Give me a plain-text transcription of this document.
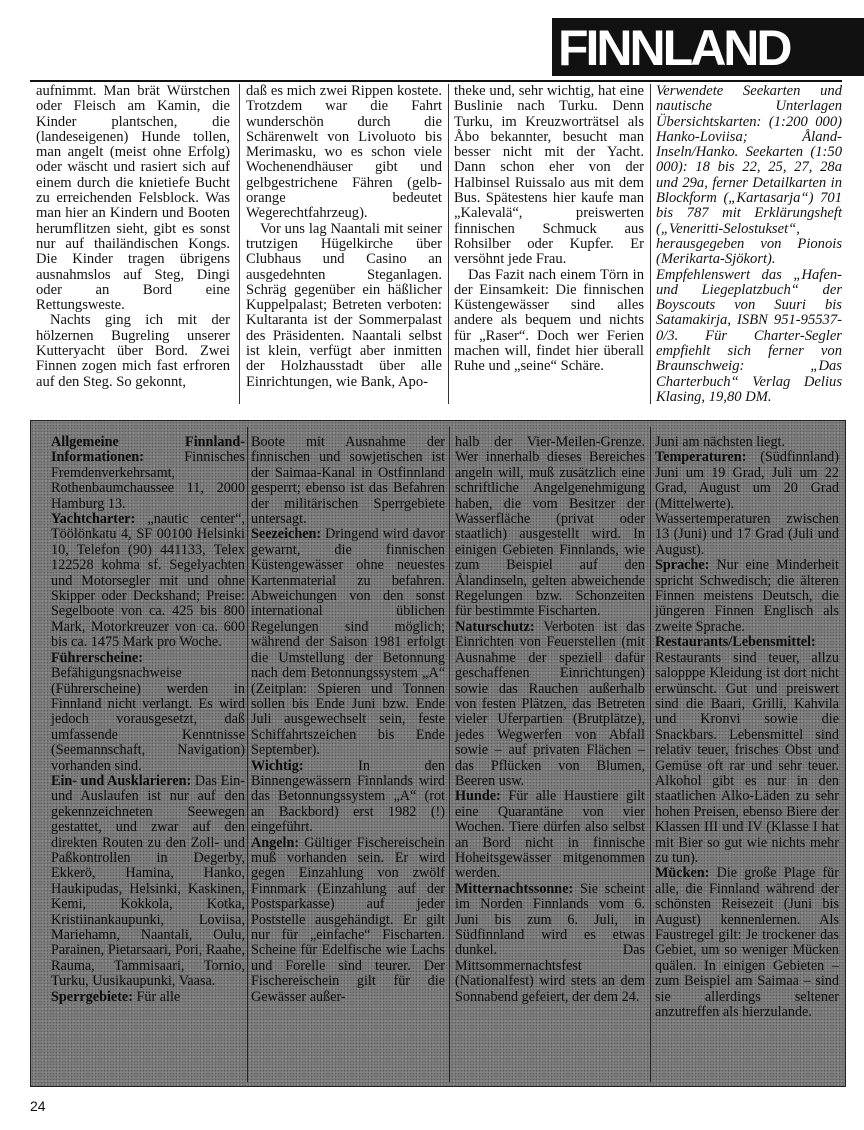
FINNLAND

aufnimmt. Man brät Würstchen oder Fleisch am Kamin, die Kinder plantschen, die (landeseigenen) Hunde tollen, man angelt (meist ohne Erfolg) oder wäscht und rasiert sich auf einem durch die knietiefe Bucht zu erreichenden Felsblock. Was man hier an Kindern und Booten herumflitzen sieht, gibt es sonst nur auf thailändischen Kongs. Die Kinder tragen übrigens ausnahmslos auf Steg, Dingi oder an Bord eine Rettungsweste.

Nachts ging ich mit der hölzernen Bugreling unserer Kutteryacht über Bord. Zwei Finnen zogen mich fast erfroren auf den Steg. So gekonnt,

daß es mich zwei Rippen kostete. Trotzdem war die Fahrt wunderschön durch die Schärenwelt von Livoluoto bis Merimasku, wo es schon viele Wochenendhäuser gibt und gelbgestrichene Fähren (gelb-orange bedeutet Wegerechtfahrzeug).

Vor uns lag Naantali mit seiner trutzigen Hügelkirche über Clubhaus und Casino an ausgedehnten Steganlagen. Schräg gegenüber ein häßlicher Kuppelpalast; Betreten verboten: Kultaranta ist der Sommerpalast des Präsidenten. Naantali selbst ist klein, verfügt aber inmitten der Holzhausstadt über alle Einrichtungen, wie Bank, Apo-

theke und, sehr wichtig, hat eine Buslinie nach Turku. Denn Turku, im Kreuzworträtsel als Åbo bekannter, besucht man besser nicht mit der Yacht. Dann schon eher von der Halbinsel Ruissalo aus mit dem Bus. Spätestens hier kaufe man „Kalevalä“, preiswerten finnischen Schmuck aus Rohsilber oder Kupfer. Er versöhnt jede Frau.

Das Fazit nach einem Törn in der Einsamkeit: Die finnischen Küstengewässer sind alles andere als bequem und nichts für „Raser“. Doch wer Ferien machen will, findet hier überall Ruhe und „seine“ Schäre.

Verwendete Seekarten und nautische Unterlagen Übersichtskarten: (1:200 000) Hanko-Loviisa; Åland-Inseln/Hanko. Seekarten (1:50 000): 18 bis 22, 25, 27, 28a und 29a, ferner Detailkarten in Blockform („Kartasarja“) 701 bis 787 mit Erklärungsheft („Veneritti-Selostukset“, herausgegeben von Pionois (Merikarta-Sjökort). Empfehlenswert das „Hafen- und Liegeplatzbuch“ der Boyscouts von Suuri bis Satamakirja, ISBN 951-95537-0/3. Für Charter-Segler empfiehlt sich ferner von Braunschweig: „Das Charterbuch“ Verlag Delius Klasing, 19,80 DM.

Allgemeine Finnland-Informationen: Finnisches Fremdenverkehrsamt, Rothenbaumchaussee 11, 2000 Hamburg 13.
Yachtcharter: „nautic center“, Töölönkatu 4, SF 00100 Helsinki 10, Telefon (90) 441133, Telex 122528 kohma sf. Segelyachten und Motorsegler mit und ohne Skipper oder Deckshand; Preise: Segelboote von ca. 425 bis 800 Mark, Motorkreuzer von ca. 600 bis ca. 1475 Mark pro Woche.
Führerscheine: Befähigungsnachweise (Führerscheine) werden in Finnland nicht verlangt. Es wird jedoch vorausgesetzt, daß umfassende Kenntnisse (Seemannschaft, Navigation) vorhanden sind.
Ein- und Ausklarieren: Das Ein- und Auslaufen ist nur auf den gekennzeichneten Seewegen gestattet, und zwar auf den direkten Routen zu den Zoll- und Paßkontrollen in Degerby, Ekkerö, Hamina, Hanko, Haukipudas, Helsinki, Kaskinen, Kemi, Kokkola, Kotka, Kristiinankaupunki, Loviisa, Mariehamn, Naantali, Oulu, Parainen, Pietarsaari, Pori, Raahe, Rauma, Tammisaari, Tornio, Turku, Uusikaupunki, Vaasa.
Sperrgebiete: Für alle
Boote mit Ausnahme der finnischen und sowjetischen ist der Saimaa-Kanal in Ostfinnland gesperrt; ebenso ist das Befahren der militärischen Sperrgebiete untersagt.
Seezeichen: Dringend wird davor gewarnt, die finnischen Küstengewässer ohne neuestes Kartenmaterial zu befahren. Abweichungen von den sonst international üblichen Regelungen sind möglich; während der Saison 1981 erfolgt die Umstellung der Betonnung nach dem Betonnungssystem „A“ (Zeitplan: Spieren und Tonnen sollen bis Ende Juni bzw. Ende Juli ausgewechselt sein, feste Schiffahrtszeichen bis Ende September).
Wichtig: In den Binnengewässern Finnlands wird das Betonnungssystem „A“ (rot an Backbord) erst 1982 (!) eingeführt.
Angeln: Gültiger Fischereischein muß vorhanden sein. Er wird gegen Einzahlung von zwölf Finnmark (Einzahlung auf der Postsparkasse) auf jeder Poststelle ausgehändigt. Er gilt nur für „einfache“ Fischarten. Scheine für Edelfische wie Lachs und Forelle sind teurer. Der Fischereischein gilt für die Gewässer außer-
halb der Vier-Meilen-Grenze. Wer innerhalb dieses Bereiches angeln will, muß zusätzlich eine schriftliche Angelgenehmigung haben, die vom Besitzer der Wasserfläche (privat oder staatlich) ausgestellt wird. In einigen Gebieten Finnlands, wie zum Beispiel auf den Ålandinseln, gelten abweichende Regelungen bzw. Schonzeiten für bestimmte Fischarten.
Naturschutz: Verboten ist das Einrichten von Feuerstellen (mit Ausnahme der speziell dafür geschaffenen Einrichtungen) sowie das Rauchen außerhalb von festen Plätzen, das Betreten vieler Uferpartien (Brutplätze), jedes Wegwerfen von Abfall sowie – auf privaten Flächen – das Pflücken von Blumen, Beeren usw.
Hunde: Für alle Haustiere gilt eine Quarantäne von vier Wochen. Tiere dürfen also selbst an Bord nicht in finnische Hoheitsgewässer mitgenommen werden.
Mitternachtssonne: Sie scheint im Norden Finnlands vom 6. Juni bis zum 6. Juli, in Südfinnland wird es etwas dunkel. Das Mittsommernachtsfest (Nationalfest) wird stets an dem Sonnabend gefeiert, der dem 24.
Juni am nächsten liegt.
Temperaturen: (Südfinnland) Juni um 19 Grad, Juli um 22 Grad, August um 20 Grad (Mittelwerte). Wassertemperaturen zwischen 13 (Juni) und 17 Grad (Juli und August).
Sprache: Nur eine Minderheit spricht Schwedisch; die älteren Finnen meistens Deutsch, die jüngeren Finnen Englisch als zweite Sprache.
Restaurants/Lebensmittel: Restaurants sind teuer, allzu salopppe Kleidung ist dort nicht erwünscht. Gut und preiswert sind die Baari, Grilli, Kahvila und Kronvi sowie die Snackbars. Lebensmittel sind relativ teuer, frisches Obst und Gemüse oft rar und sehr teuer. Alkohol gibt es nur in den staatlichen Alko-Läden zu sehr hohen Preisen, ebenso Biere der Klassen III und IV (Klasse I hat mit Bier so gut wie nichts mehr zu tun).
Mücken: Die große Plage für alle, die Finnland während der schönsten Reisezeit (Juni bis August) kennenlernen. Als Faustregel gilt: Je trockener das Gebiet, um so weniger Mücken quälen. In einigen Gebieten – zum Beispiel am Saimaa – sind sie allerdings seltener anzutreffen als hierzulande.
24
